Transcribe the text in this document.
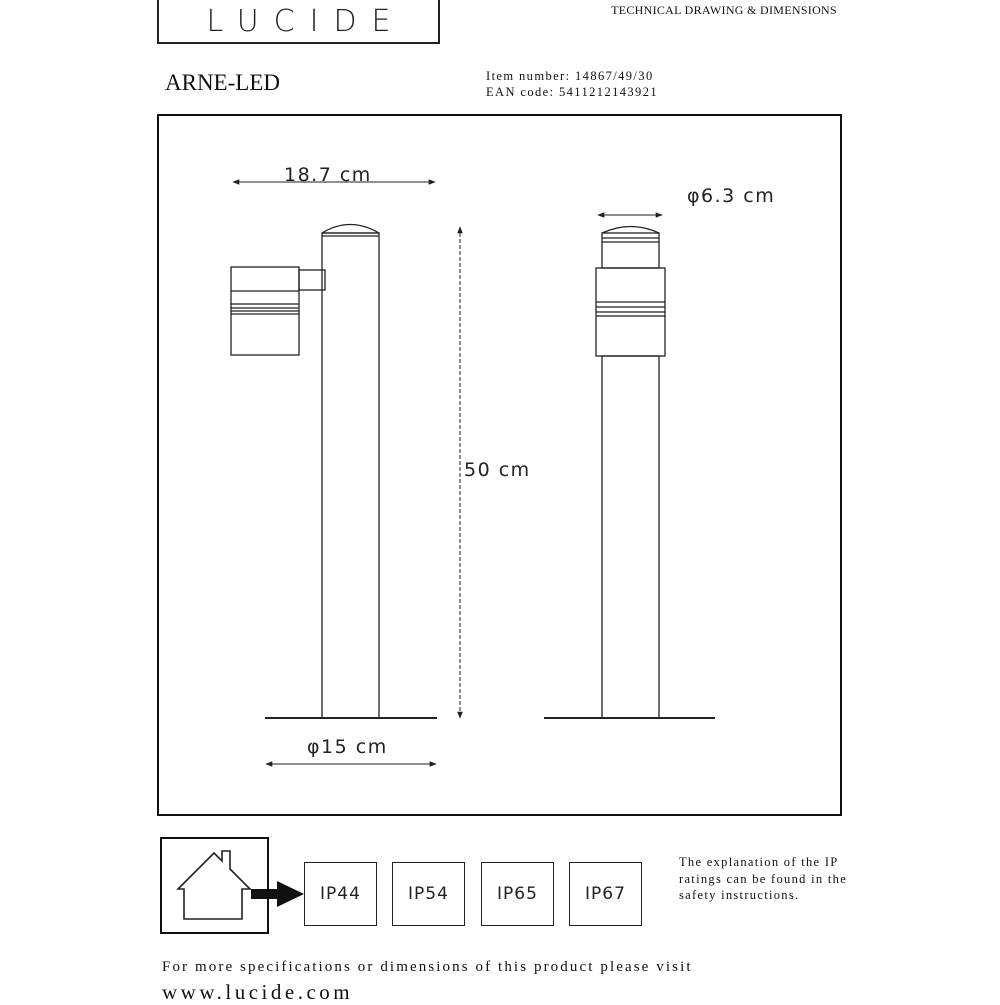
LUCIDE	TECHNICAL DRAWING & DIMENSIONS
ARNE-LED	Item number: 14867/49/30
EAN code: 5411212143921
18.7 cm
φ6.3 cm
50 cm
φ15 cm
IP44	IP54	IP65	IP67
The explanation of the IP ratings can be found in the safety instructions.
For more specifications or dimensions of this product please visit
www.lucide.com
